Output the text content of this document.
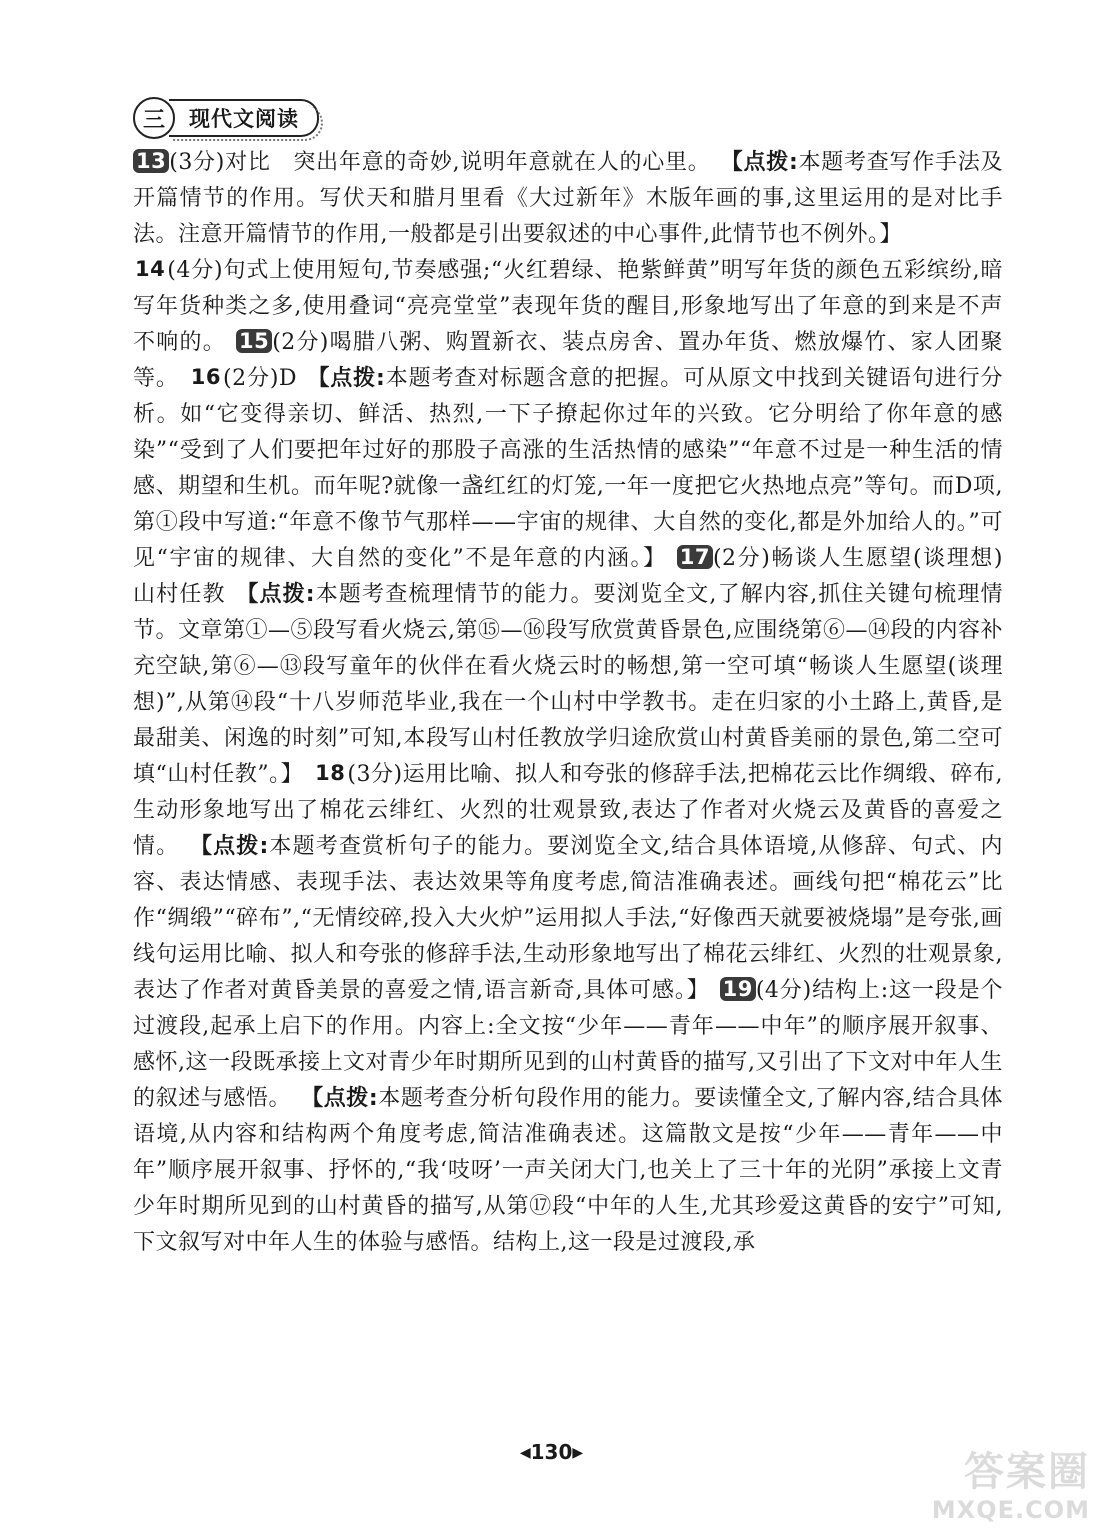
三	现代文阅读

13 (3分)对比　突出年意的奇妙,说明年意就在人的心里。 【点拨:本题考查写作手法及开篇情节的作用。写伏天和腊月里看《大过新年》木版年画的事,这里运用的是对比手法。注意开篇情节的作用,一般都是引出要叙述的中心事件,此情节也不例外。】
14(4分)句式上使用短句,节奏感强;“火红碧绿、艳紫鲜黄”明写年货的颜色五彩缤纷,暗写年货种类之多,使用叠词“亮亮堂堂”表现年货的醒目,形象地写出了年意的到来是不声不响的。 15 (2分)喝腊八粥、购置新衣、装点房舍、置办年货、燃放爆竹、家人团聚等。 16(2分)D 【点拨:本题考查对标题含意的把握。可从原文中找到关键语句进行分析。如“它变得亲切、鲜活、热烈,一下子撩起你过年的兴致。它分明给了你年意的感染”“受到了人们要把年过好的那股子高涨的生活热情的感染”“年意不过是一种生活的情感、期望和生机。而年呢?就像一盏红红的灯笼,一年一度把它火热地点亮”等句。而D项,第①段中写道:“年意不像节气那样——宇宙的规律、大自然的变化,都是外加给人的。”可见“宇宙的规律、大自然的变化”不是年意的内涵。】 17 (2分)畅谈人生愿望(谈理想)　山村任教 【点拨:本题考查梳理情节的能力。要浏览全文,了解内容,抓住关键句梳理情节。文章第①—⑤段写看火烧云,第⑮—⑯段写欣赏黄昏景色,应围绕第⑥—⑭段的内容补充空缺,第⑥—⑬段写童年的伙伴在看火烧云时的畅想,第一空可填“畅谈人生愿望(谈理想)”,从第⑭段“十八岁师范毕业,我在一个山村中学教书。走在归家的小土路上,黄昏,是最甜美、闲逸的时刻”可知,本段写山村任教放学归途欣赏山村黄昏美丽的景色,第二空可填“山村任教”。】 18(3分)运用比喻、拟人和夸张的修辞手法,把棉花云比作绸缎、碎布,生动形象地写出了棉花云绯红、火烈的壮观景致,表达了作者对火烧云及黄昏的喜爱之情。 【点拨:本题考查赏析句子的能力。要浏览全文,结合具体语境,从修辞、句式、内容、表达情感、表现手法、表达效果等角度考虑,简洁准确表述。画线句把“棉花云”比作“绸缎”“碎布”,“无情绞碎,投入大火炉”运用拟人手法,“好像西天就要被烧塌”是夸张,画线句运用比喻、拟人和夸张的修辞手法,生动形象地写出了棉花云绯红、火烈的壮观景象,表达了作者对黄昏美景的喜爱之情,语言新奇,具体可感。】 19 (4分)结构上:这一段是个过渡段,起承上启下的作用。内容上:全文按“少年——青年——中年”的顺序展开叙事、感怀,这一段既承接上文对青少年时期所见到的山村黄昏的描写,又引出了下文对中年人生的叙述与感悟。 【点拨:本题考查分析句段作用的能力。要读懂全文,了解内容,结合具体语境,从内容和结构两个角度考虑,简洁准确表述。这篇散文是按“少年——青年——中年”顺序展开叙事、抒怀的,“我‘吱呀’一声关闭大门,也关上了三十年的光阴”承接上文青少年时期所见到的山村黄昏的描写,从第⑰段“中年的人生,尤其珍爱这黄昏的安宁”可知,下文叙写对中年人生的体验与感悟。结构上,这一段是过渡段,承

◀130▶	答案圈
MXQE.COM
